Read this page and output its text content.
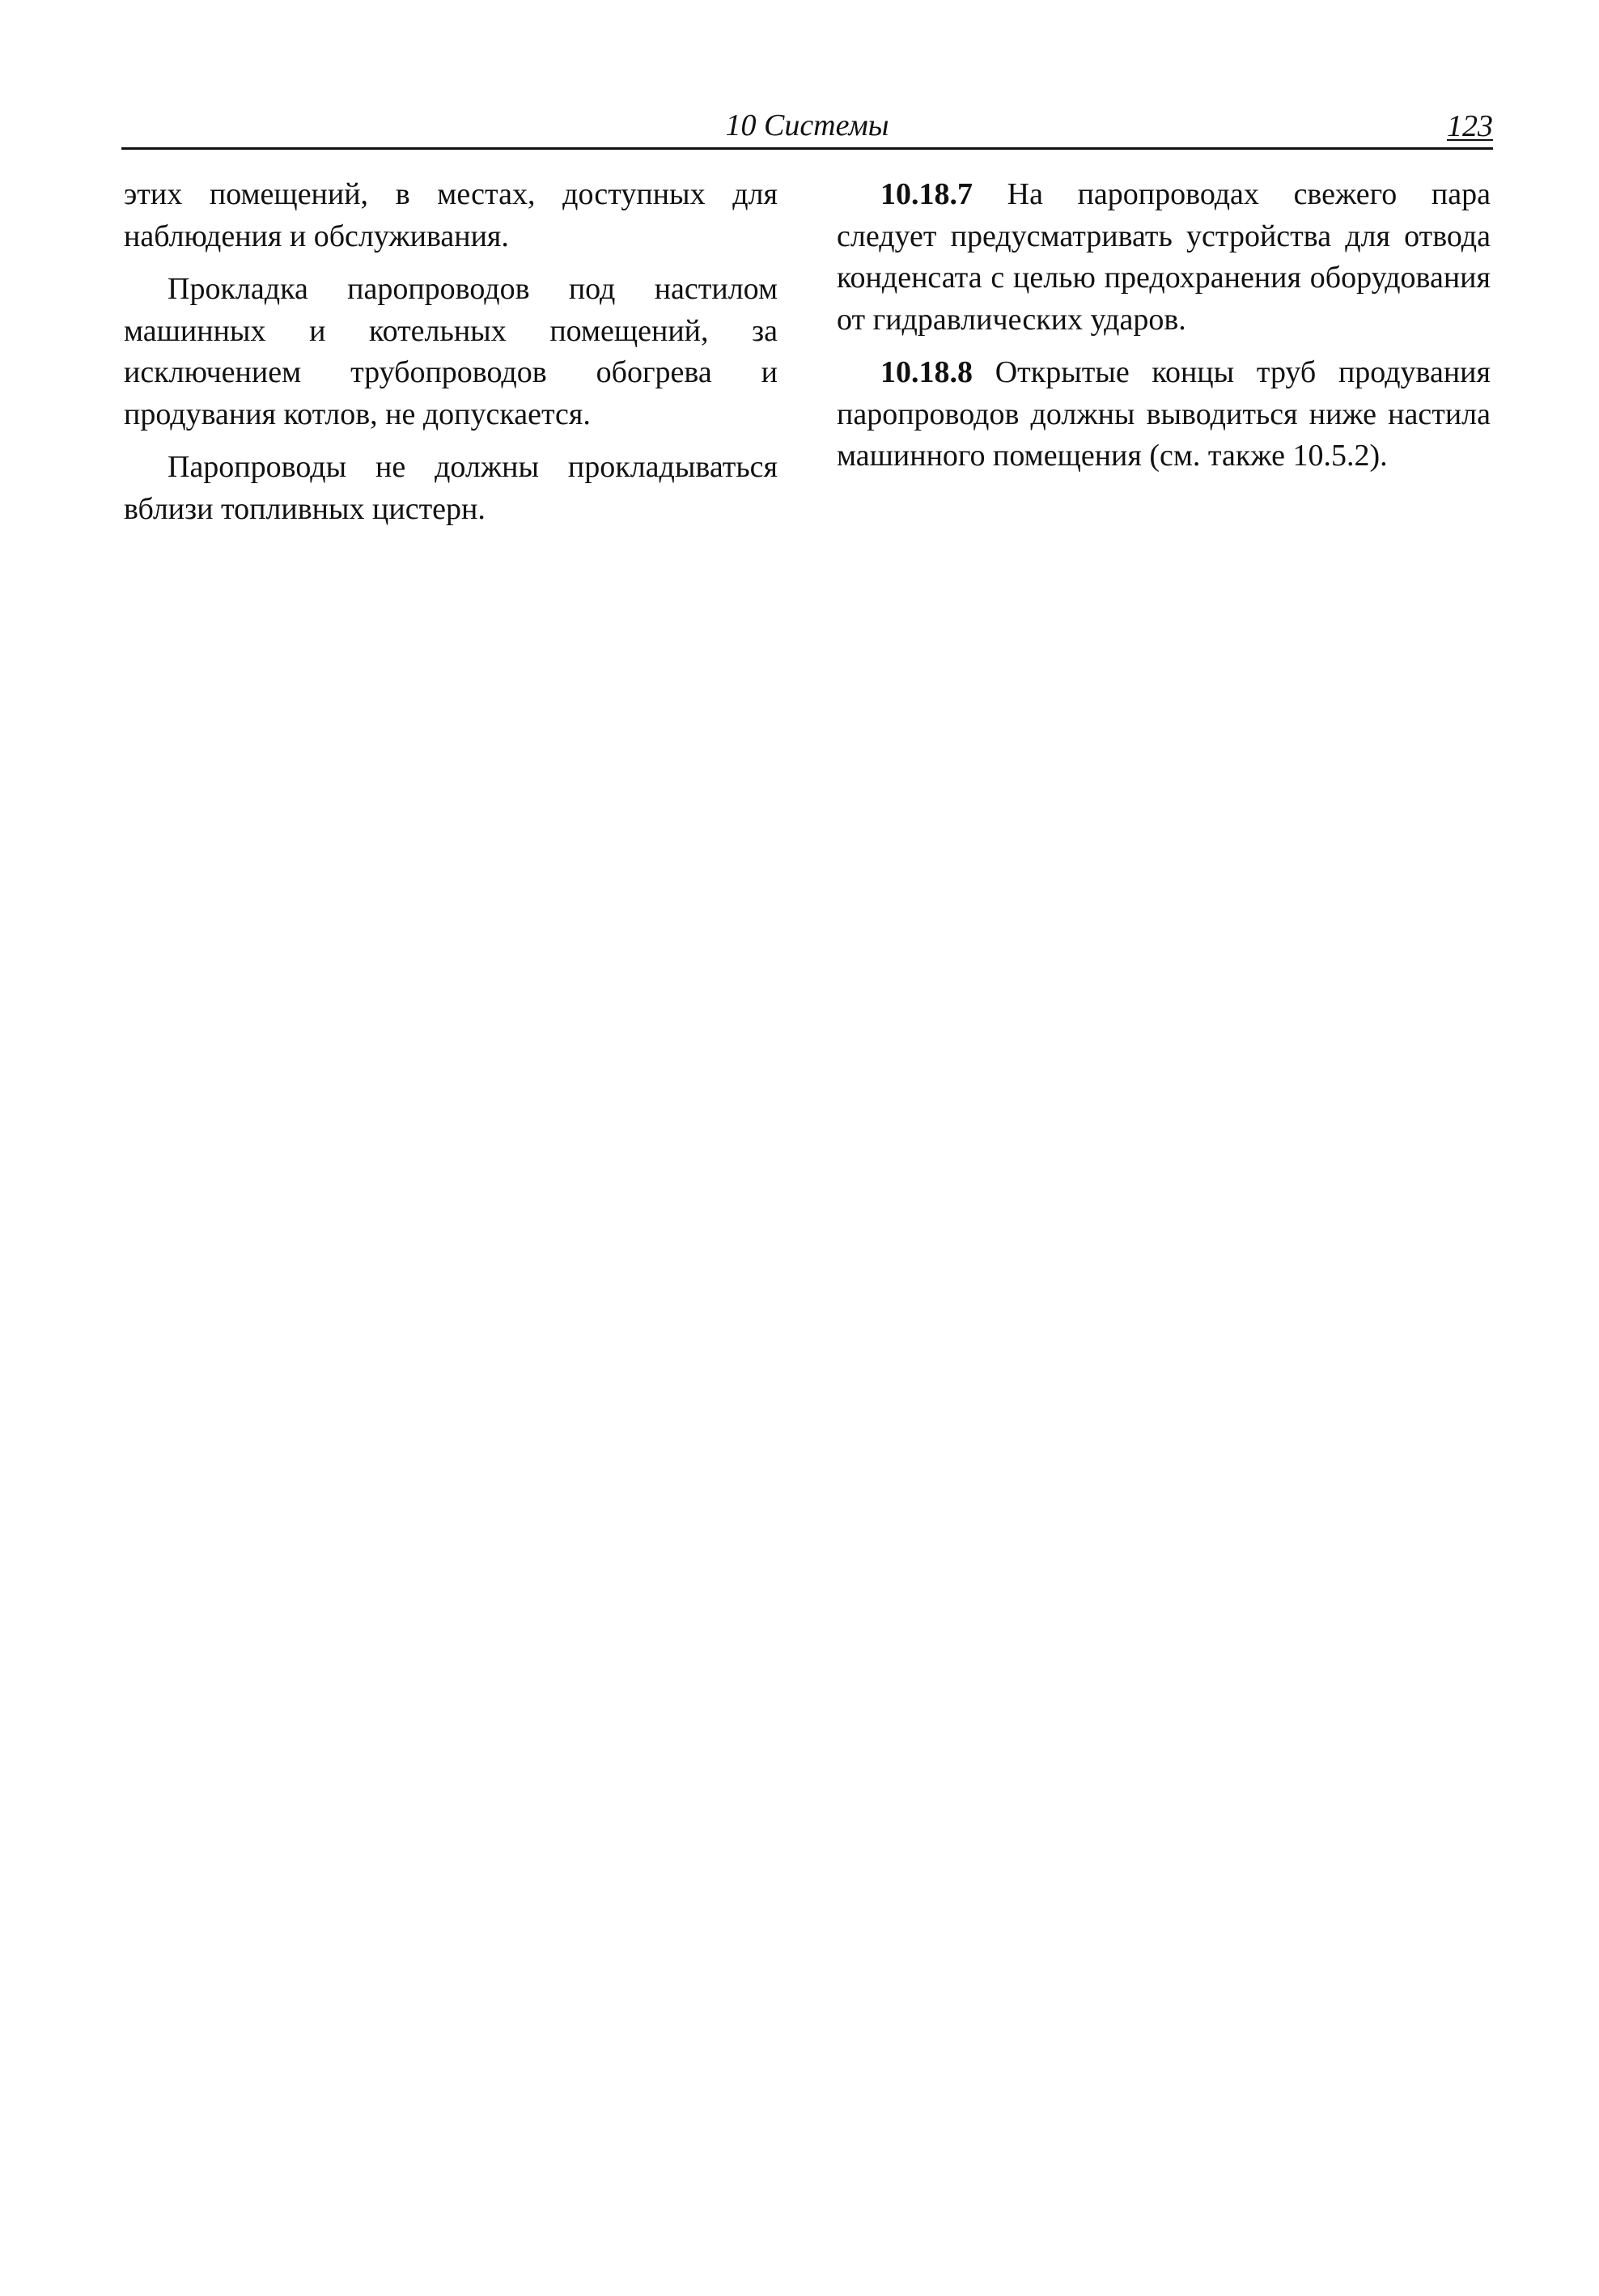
10 Системы	123

этих помещений, в местах, доступных для наблюдения и обслуживания.

Прокладка паропроводов под настилом машинных и котельных помещений, за исключением трубопроводов обогрева и продувания котлов, не допускается.

Паропроводы не должны прокладываться вблизи топливных цистерн.

10.18.7 На паропроводах свежего пара следует предусматривать устройства для отвода конденсата с целью предохранения оборудования от гидравлических ударов.

10.18.8 Открытые концы труб продувания паропроводов должны выводиться ниже настила машинного помещения (см. также 10.5.2).
